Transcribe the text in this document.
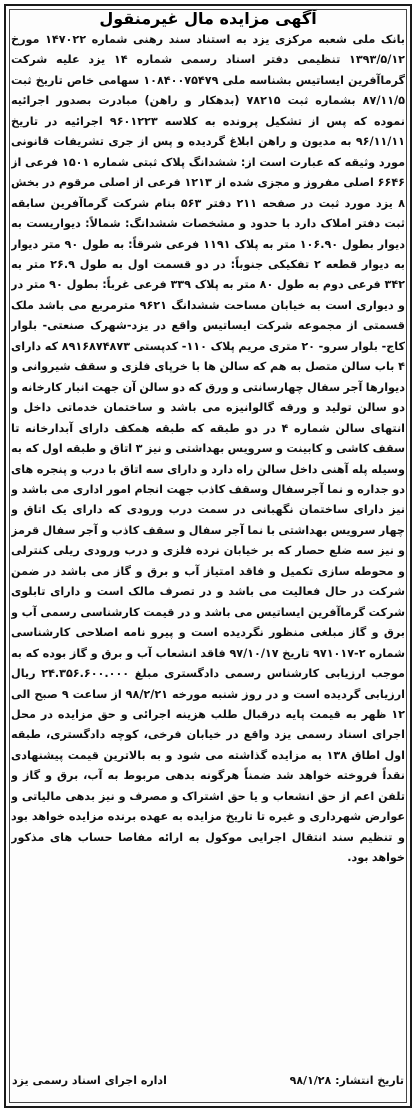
آگهی مزایده مال غیرمنقول
بانک ملی شعبه مرکزی یزد به استناد سند رهنی شماره ۱۴۷۰۲۲ مورخ ۱۳۹۳/۵/۱۲ تنظیمی دفتر اسناد رسمی شماره ۱۴ یزد علیه شرکت گرماآفرین ایساتیس بشناسه ملی ۱۰۸۴۰۰۷۵۴۷۹ سهامی خاص تاریخ ثبت ۸۷/۱۱/۵ بشماره ثبت ۷۸۲۱۵ (بدهکار و راهن) مبادرت بصدور اجرائیه نموده که پس از تشکیل پرونده به کلاسه ۹۶۰۱۲۲۳ اجرائیه در تاریخ ۹۶/۱۱/۱۱ به مدیون و راهن ابلاغ گردیده و پس از جری تشریفات قانونی مورد وثیقه که عبارت است از: ششدانگ پلاک ثبتی شماره ۱۵۰۱ فرعی از ۶۶۴۶ اصلی مفروز و مجزی شده از ۱۲۱۳ فرعی از اصلی مرقوم در بخش ۸ یزد مورد ثبت در صفحه ۲۱۱ دفتر ۵۶۳ بنام شرکت گرماآفرین سابقه ثبت دفتر املاک دارد با حدود و مشخصات ششدانگ: شمالاً: دیواریست به دیوار بطول ۱۰۶.۹۰ متر به پلاک ۱۱۹۱ فرعی شرقاً: به طول ۹۰ متر دیوار به دیوار قطعه ۲ تفکیکی جنوباً: در دو قسمت اول به طول ۲۶.۹ متر به ۳۴۲ فرعی دوم به طول ۸۰ متر به پلاک ۳۳۹ فرعی غرباً: بطول ۹۰ متر در و دیواری است به خیابان مساحت ششدانگ ۹۶۲۱ مترمربع می باشد ملک قسمتی از مجموعه شرکت ایساتیس واقع در یزد-شهرک صنعتی- بلوار کاج- بلوار سرو- ۲۰ متری مریم پلاک ۱۱۰- کدپستی ۸۹۱۶۸۷۴۸۷۳ که دارای ۴ باب سالن متصل به هم که سالن ها با خرپای فلزی و سقف شیروانی و دیوارها آجر سفال چهارسانتی و ورق که دو سالن آن جهت انبار کارخانه و دو سالن تولید و ورقه گالوانیزه می باشد و ساختمان خدماتی داخل و انتهای سالن شماره ۴ در دو طبقه که طبقه همکف دارای آبدارخانه تا سقف کاشی و کابینت و سرویس بهداشتی و نیز ۳ اتاق و طبقه اول که به وسیله پله آهنی داخل سالن راه دارد و دارای سه اتاق با درب و پنجره های دو جداره و نما آجرسفال وسقف کاذب جهت انجام امور اداری می باشد و نیز دارای ساختمان نگهبانی در سمت درب ورودی که دارای یک اتاق و چهار سرویس بهداشتی با نما آجر سفال و سقف کاذب و آجر سفال قرمز و نیز سه ضلع حصار که بر خیابان نرده فلزی و درب ورودی ریلی کنترلی و محوطه سازی تکمیل و فاقد امتیاز آب و برق و گاز می باشد در ضمن شرکت در حال فعالیت می باشد و در تصرف مالک است و دارای تابلوی شرکت گرماآفرین ایساتیس می باشد و در قیمت کارشناسی رسمی آب و برق و گاز مبلغی منظور نگردیده است و پیرو نامه اصلاحی کارشناسی شماره ۲-۹۷۱۰۱۷ تاریخ ۹۷/۱۰/۱۷ فاقد انشعاب آب و برق و گاز بوده که به موجب ارزیابی کارشناس رسمی دادگستری مبلغ ۲۴.۳۵۶.۶۰۰.۰۰۰ ریال ارزیابی گردیده است و در روز شنبه مورخه ۹۸/۲/۲۱ از ساعت ۹ صبح الی ۱۲ ظهر به قیمت پایه درقبال طلب هزینه اجرائی و حق مزایده در محل اجرای اسناد رسمی یزد واقع در خیابان فرخی، کوچه دادگستری، طبقه اول اطاق ۱۳۸ به مزایده گذاشته می شود و به بالاترین قیمت پیشنهادی نقداً فروخته خواهد شد ضمناً هرگونه بدهی مربوط به آب، برق و گاز و تلفن اعم از حق انشعاب و یا حق اشتراک و مصرف و نیز بدهی مالیاتی و عوارض شهرداری و غیره تا تاریخ مزایده به عهده برنده مزایده خواهد بود و تنظیم سند انتقال اجرایی موکول به ارائه مفاصا حساب های مذکور خواهد بود.
تاریخ انتشار: ۹۸/۱/۲۸
اداره اجرای اسناد رسمی یزد
